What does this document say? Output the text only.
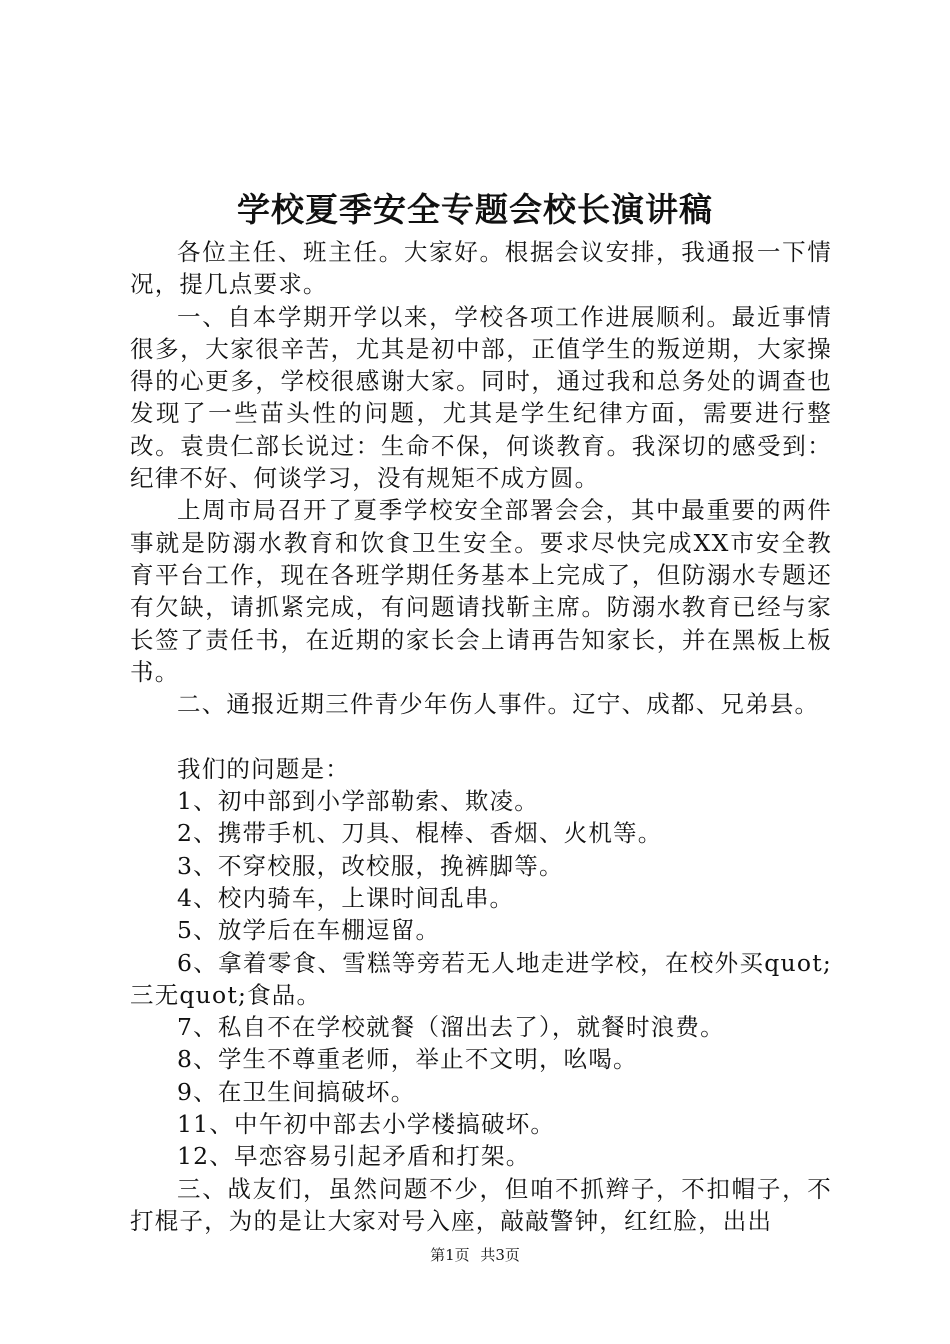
学校夏季安全专题会校长演讲稿

各位主任、班主任。大家好。根据会议安排，我通报一下情况，提几点要求。

一、自本学期开学以来，学校各项工作进展顺利。最近事情很多，大家很辛苦，尤其是初中部，正值学生的叛逆期，大家操得的心更多，学校很感谢大家。同时，通过我和总务处的调查也发现了一些苗头性的问题，尤其是学生纪律方面，需要进行整改。袁贵仁部长说过：生命不保，何谈教育。我深切的感受到：纪律不好、何谈学习，没有规矩不成方圆。

上周市局召开了夏季学校安全部署会会，其中最重要的两件事就是防溺水教育和饮食卫生安全。要求尽快完成XX市安全教育平台工作，现在各班学期任务基本上完成了，但防溺水专题还有欠缺，请抓紧完成，有问题请找靳主席。防溺水教育已经与家长签了责任书，在近期的家长会上请再告知家长，并在黑板上板书。

二、通报近期三件青少年伤人事件。辽宁、成都、兄弟县。

我们的问题是：

1、初中部到小学部勒索、欺凌。

2、携带手机、刀具、棍棒、香烟、火机等。

3、不穿校服，改校服，挽裤脚等。

4、校内骑车，上课时间乱串。

5、放学后在车棚逗留。

6、拿着零食、雪糕等旁若无人地走进学校，在校外买quot;三无quot;食品。

7、私自不在学校就餐（溜出去了），就餐时浪费。

8、学生不尊重老师，举止不文明，吆喝。

9、在卫生间搞破坏。

11、中午初中部去小学楼搞破坏。

12、早恋容易引起矛盾和打架。

三、战友们，虽然问题不少，但咱不抓辫子，不扣帽子，不打棍子，为的是让大家对号入座，敲敲警钟，红红脸，出出

第1页 共3页
